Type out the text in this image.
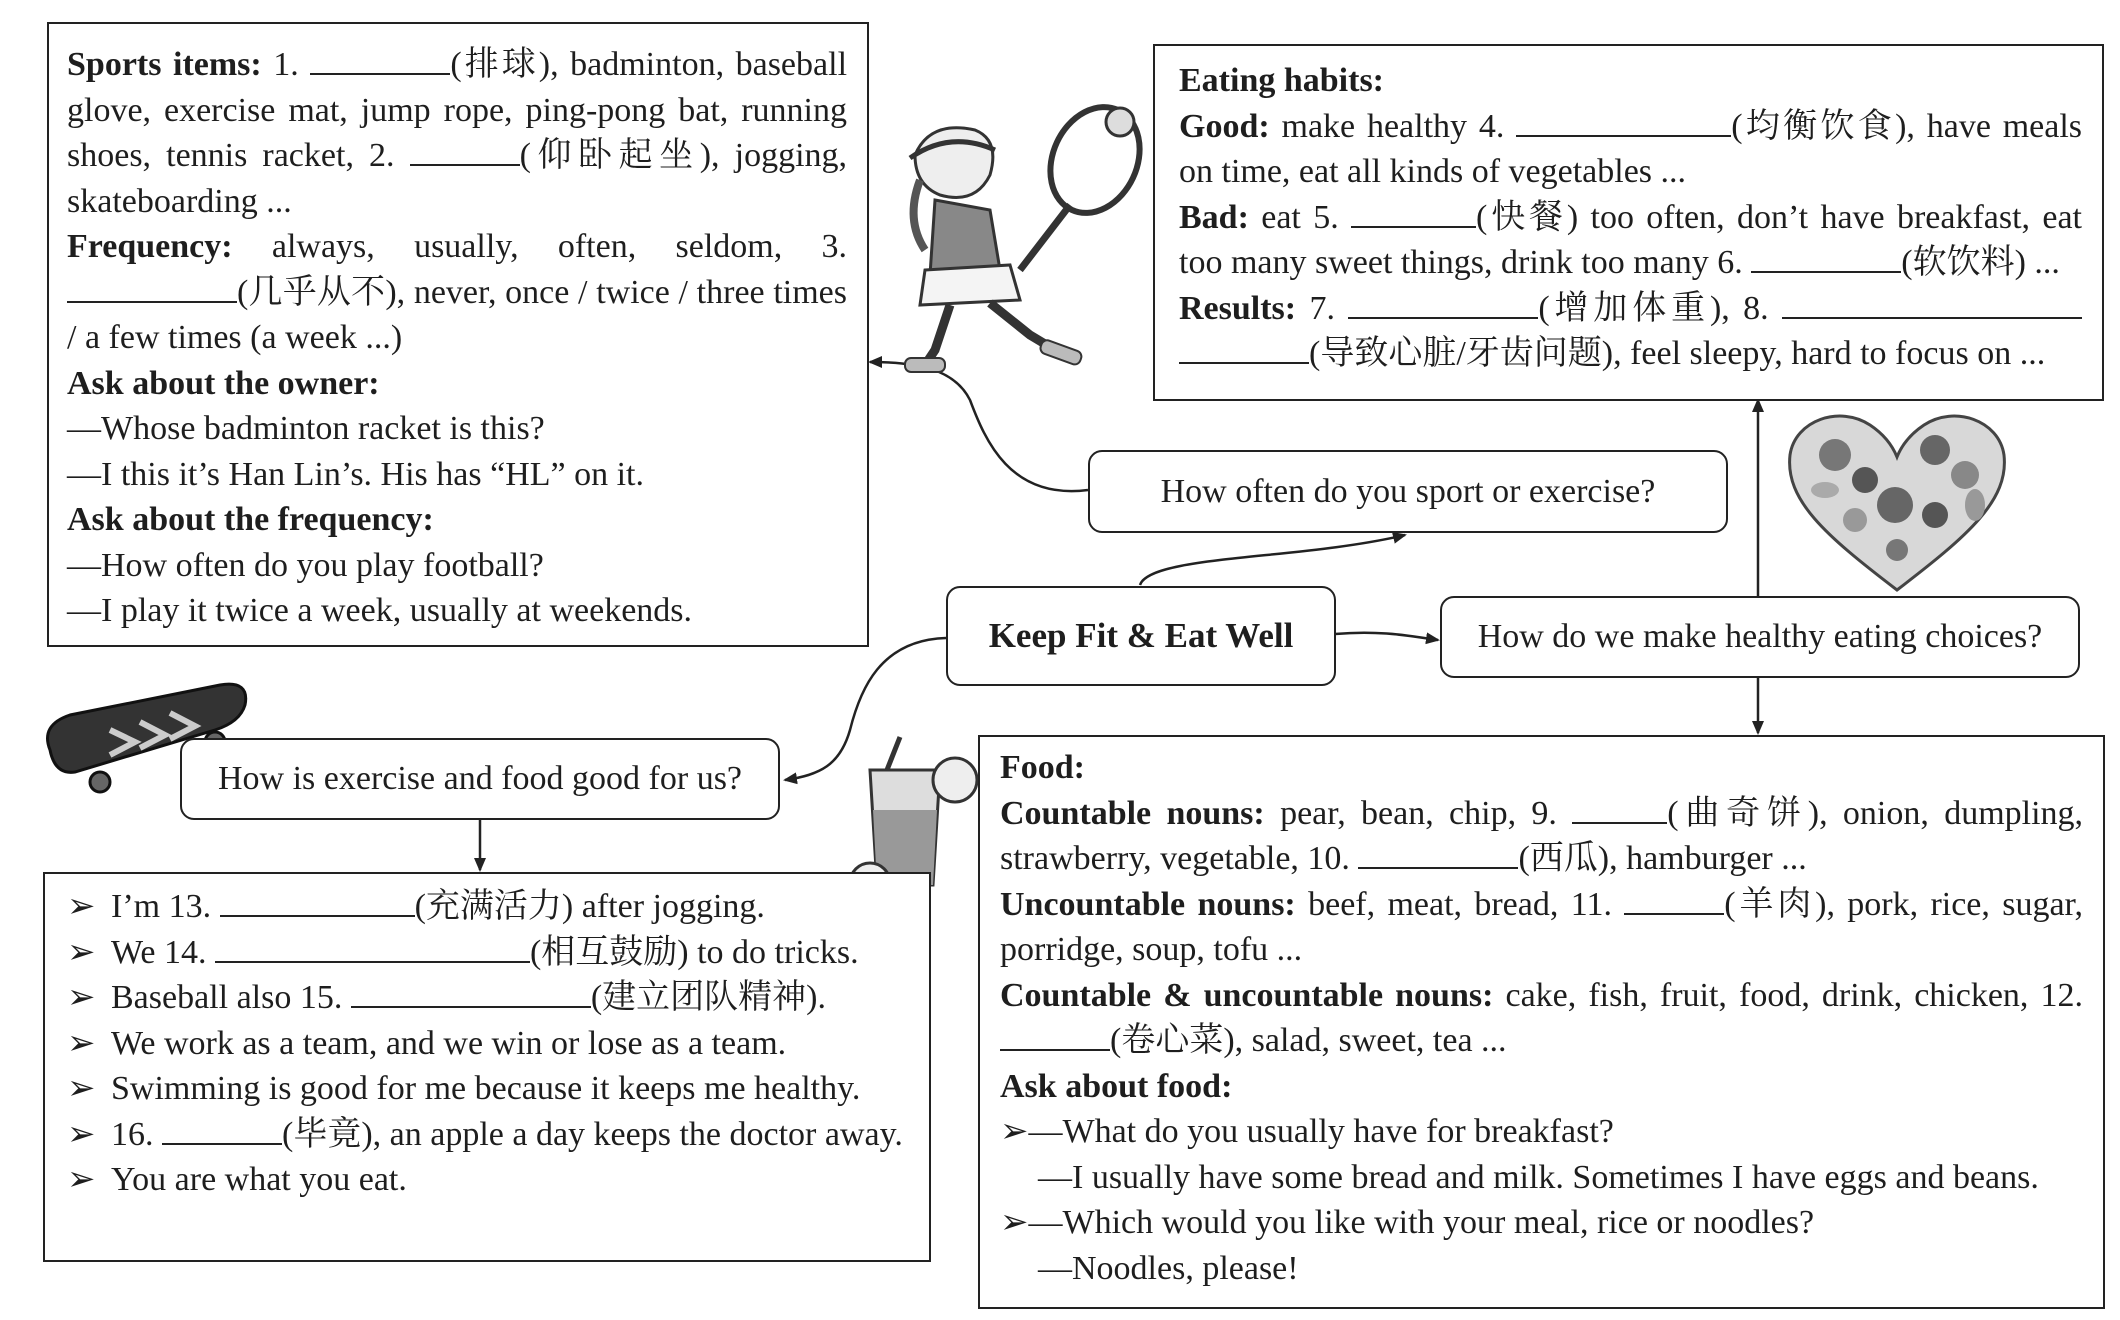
Sports items: 1.	(排球), badminton, baseball glove, exercise mat, jump rope, ping-pong bat, running shoes, tennis racket, 2.	(仰卧起坐), jogging, skateboarding ...

Frequency: always, usually, often, seldom, 3. (几乎从不), never, once / twice / three times / a few times (a week ...)

Ask about the owner:
—Whose badminton racket is this?
—I this it’s Han Lin’s. His has “HL” on it.
Ask about the frequency:
—How often do you play football?
—I play it twice a week, usually at weekends.
Eating habits:

Good: make healthy 4.	(均衡饮食), have meals on time, eat all kinds of vegetables ...

Bad: eat 5.	(快餐) too often, don’t have breakfast, eat too many sweet things, drink too many 6.	(软饮料) ...

Results: 7.	(增加体重), 8.  (导致心脏/牙齿问题), feel sleepy, hard to focus on ...

How often do you sport or exercise?
Keep Fit & Eat Well	How do we make healthy eating choices?
How is exercise and food good for us?
➢ I’m 13.	(充满活力) after jogging.
➢ We 14.	(相互鼓励) to do tricks.
➢ Baseball also 15.	(建立团队精神).
➢ We work as a team, and we win or lose as a team.
➢ Swimming is good for me because it keeps me healthy.
➢ 16.	(毕竟), an apple a day keeps the doctor away.
➢ You are what you eat.
Food:

Countable nouns: pear, bean, chip, 9.	(曲奇饼), onion, dumpling, strawberry, vegetable, 10.	(西瓜), hamburger ...

Uncountable nouns: beef, meat, bread, 11.	(羊肉), pork, rice, sugar, porridge, soup, tofu ...

Countable & uncountable nouns: cake, fish, fruit, food, drink, chicken, 12. (卷心菜), salad, sweet, tea ...

Ask about food:
➢—What do you usually have for breakfast?
—I usually have some bread and milk. Sometimes I have eggs and beans.
➢—Which would you like with your meal, rice or noodles?
—Noodles, please!
